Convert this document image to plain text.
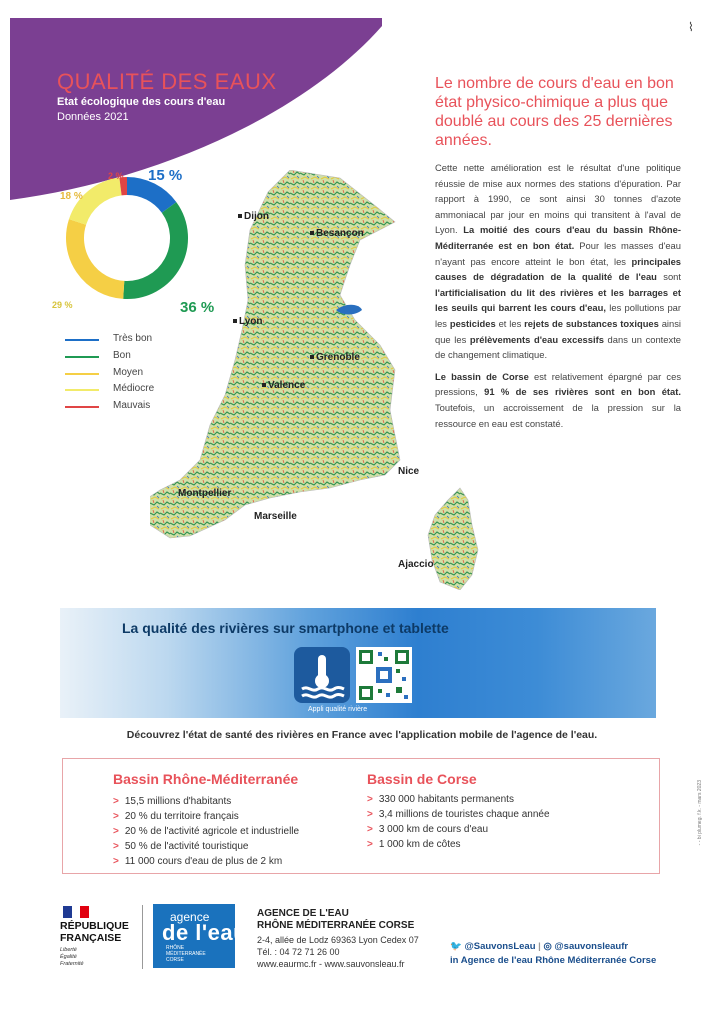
QUALITÉ DES EAUX
Etat écologique des cours d'eau
Données 2021
⌇
15 %
36 %
29 %
18 %
2 %
Très bon
Bon
Moyen
Médiocre
Mauvais
Dijon
Besançon
Lyon
Grenoble
Valence
Nice
Montpellier
Marseille
Ajaccio
Le nombre de cours d'eau en bon état physico-chimique a plus que doublé au cours des 25 dernières années.

Cette nette amélioration est le résultat d'une politique réussie de mise aux normes des stations d'épuration. Par rapport à 1990, ce sont ainsi 30 tonnes d'azote ammoniacal par jour en moins qui transitent à l'aval de Lyon. La moitié des cours d'eau du bassin Rhône-Méditerranée est en bon état. Pour les masses d'eau n'ayant pas encore atteint le bon état, les principales causes de dégradation de la qualité de l'eau sont l'artificialisation du lit des rivières et les barrages et les seuils qui barrent les cours d'eau, les pollutions par les pesticides et les rejets de substances toxiques ainsi que les prélèvements d'eau excessifs dans un contexte de changement climatique.

Le bassin de Corse est relativement épargné par ces pressions, 91 % de ses rivières sont en bon état. Toutefois, un accroissement de la pression sur la ressource en eau est constaté.

La qualité des rivières sur smartphone et tablette
Appli qualité rivière
Découvrez l'état de santé des rivières en France avec l'application mobile de l'agence de l'eau.
Bassin Rhône-Méditerranée
> 15,5 millions d'habitants
> 20 % du territoire français
> 20 % de l'activité agricole et industrielle
> 50 % de l'activité touristique
> 11 000 cours d'eau de plus de 2 km
Bassin de Corse
> 330 000 habitants permanents
> 3,4 millions de touristes chaque année
> 3 000 km de cours d'eau
> 1 000 km de côtes	- - bi plumeg. f.k. - mars 2023
RÉPUBLIQUE
FRANÇAISE
Liberté
Égalité
Fraternité
agence
de l'eau
RHÔNE
MÉDITERRANÉE
CORSE
AGENCE DE L'EAU
RHÔNE MÉDITERRANÉE CORSE
2-4, allée de Lodz 69363 Lyon Cedex 07
Tél. : 04 72 71 26 00
www.eaurmc.fr - www.sauvonsleau.fr
🐦 @SauvonsLeau | ◎ @sauvonsleaufr
in Agence de l'eau Rhône Méditerranée Corse
